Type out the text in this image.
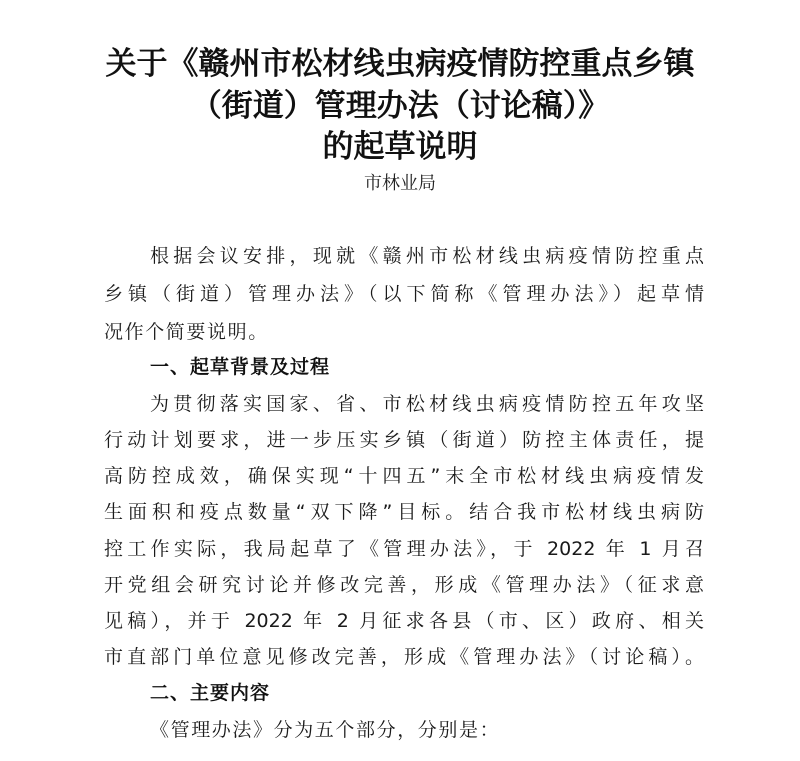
关于《赣州市松材线虫病疫情防控重点乡镇
（街道）管理办法（讨论稿）》
的起草说明
市林业局
根据会议安排，现就《赣州市松材线虫病疫情防控重点
乡镇（街道）管理办法》（以下简称《管理办法》）起草情
况作个简要说明。
一、起草背景及过程
为贯彻落实国家、省、市松材线虫病疫情防控五年攻坚
行动计划要求，进一步压实乡镇（街道）防控主体责任，提
高防控成效，确保实现“十四五”末全市松材线虫病疫情发
生面积和疫点数量“双下降”目标。结合我市松材线虫病防
控工作实际，我局起草了《管理办法》，于 2022 年 1 月召
开党组会研究讨论并修改完善，形成《管理办法》（征求意
见稿），并于 2022 年 2 月征求各县（市、区）政府、相关
市直部门单位意见修改完善，形成《管理办法》（讨论稿）。
二、主要内容
《管理办法》分为五个部分，分别是：
